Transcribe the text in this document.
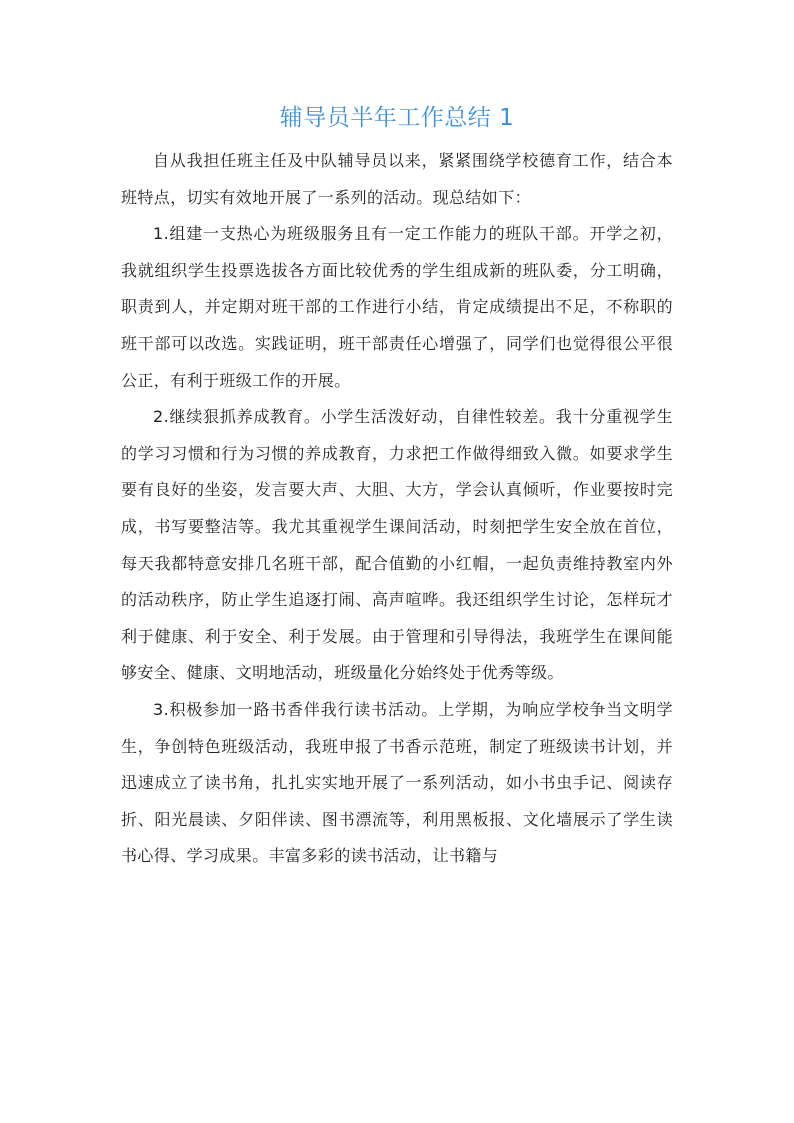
辅导员半年工作总结 1

自从我担任班主任及中队辅导员以来，紧紧围绕学校德育工作，结合本班特点，切实有效地开展了一系列的活动。现总结如下：

1.组建一支热心为班级服务且有一定工作能力的班队干部。开学之初，我就组织学生投票选拔各方面比较优秀的学生组成新的班队委，分工明确，职责到人，并定期对班干部的工作进行小结，肯定成绩提出不足，不称职的班干部可以改选。实践证明，班干部责任心增强了，同学们也觉得很公平很公正，有利于班级工作的开展。

2.继续狠抓养成教育。小学生活泼好动，自律性较差。我十分重视学生的学习习惯和行为习惯的养成教育，力求把工作做得细致入微。如要求学生要有良好的坐姿，发言要大声、大胆、大方，学会认真倾听，作业要按时完成，书写要整洁等。我尤其重视学生课间活动，时刻把学生安全放在首位，每天我都特意安排几名班干部，配合值勤的小红帽，一起负责维持教室内外的活动秩序，防止学生追逐打闹、高声喧哗。我还组织学生讨论，怎样玩才利于健康、利于安全、利于发展。由于管理和引导得法，我班学生在课间能够安全、健康、文明地活动，班级量化分始终处于优秀等级。

3.积极参加一路书香伴我行读书活动。上学期，为响应学校争当文明学生，争创特色班级活动，我班申报了书香示范班，制定了班级读书计划，并迅速成立了读书角，扎扎实实地开展了一系列活动，如小书虫手记、阅读存折、阳光晨读、夕阳伴读、图书漂流等，利用黑板报、文化墙展示了学生读书心得、学习成果。丰富多彩的读书活动，让书籍与
